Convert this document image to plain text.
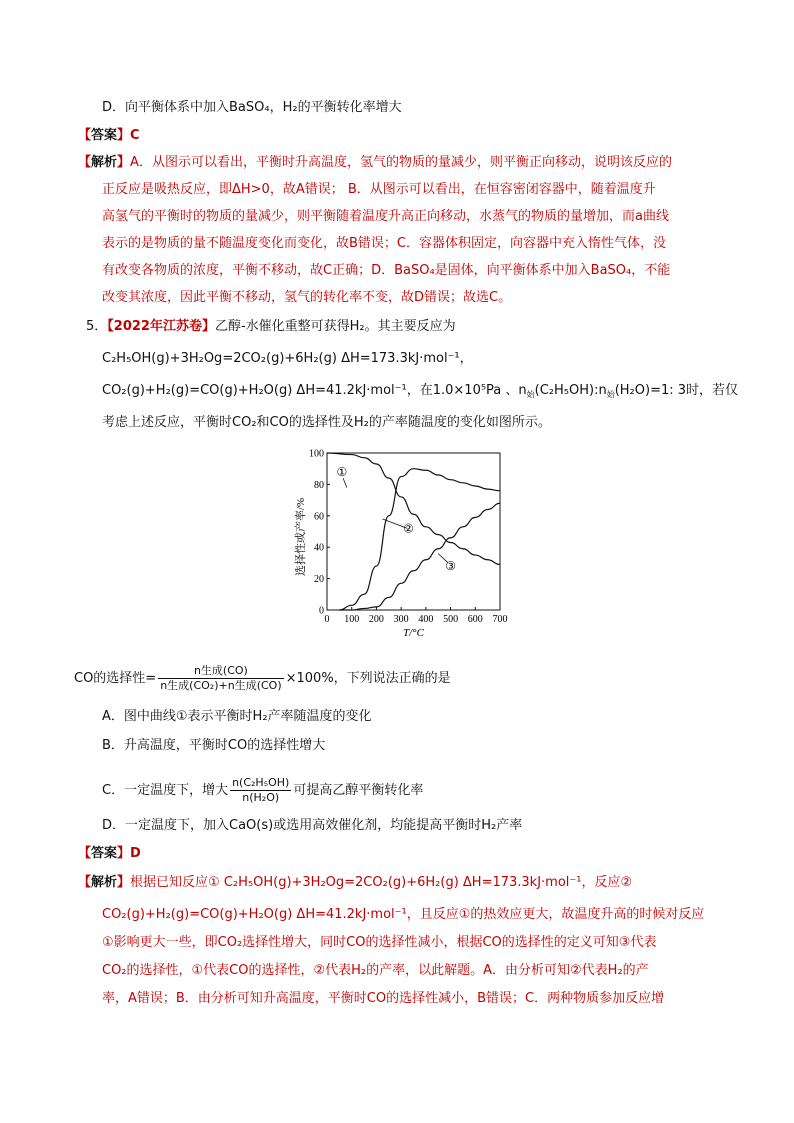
D．向平衡体系中加入BaSO₄，H₂的平衡转化率增大
【答案】C
【解析】A．从图示可以看出，平衡时升高温度，氢气的物质的量减少，则平衡正向移动，说明该反应的
正反应是吸热反应，即ΔH>0，故A错误； B．从图示可以看出，在恒容密闭容器中，随着温度升
高氢气的平衡时的物质的量减少，则平衡随着温度升高正向移动，水蒸气的物质的量增加，而a曲线
表示的是物质的量不随温度变化而变化，故B错误；C．容器体积固定，向容器中充入惰性气体，没
有改变各物质的浓度，平衡不移动，故C正确；D．BaSO₄是固体，向平衡体系中加入BaSO₄，不能
改变其浓度，因此平衡不移动，氢气的转化率不变，故D错误；故选C。
5．【2022年江苏卷】乙醇-水催化重整可获得H₂。其主要反应为
C₂H₅OH(g)+3H₂Og=2CO₂(g)+6H₂(g) ΔH=173.3kJ·mol⁻¹，
CO₂(g)+H₂(g)=CO(g)+H₂O(g) ΔH=41.2kJ·mol⁻¹，在1.0×10⁵Pa 、$n_始(C_2H_5OH):n_始(H_2O)=1$: 3时，若仅
考虑上述反应，平衡时CO₂和CO的选择性及H₂的产率随温度的变化如图所示。
0 100 200 300 400 500 600 700
0
20
40
60
80
100
①
②
③
选择性或产率/%
T/°C
CO的选择性= $\frac{\text{n生成(CO)}}{\text{n生成(CO₂)+n生成(CO)}} \times 100\%$，下列说法正确的是
A．图中曲线①表示平衡时H₂产率随温度的变化
B．升高温度，平衡时CO的选择性增大
C．一定温度下，增大 $\frac{\text{n(C₂H₅OH)}}{\text{n(H₂O)}}$ 可提高乙醇平衡转化率
D．一定温度下，加入CaO(s)或选用高效催化剂，均能提高平衡时H₂产率
【答案】D
【解析】根据已知反应① C₂H₅OH(g)+3H₂Og=2CO₂(g)+6H₂(g) ΔH=173.3kJ·mol⁻¹，反应②
CO₂(g)+H₂(g)=CO(g)+H₂O(g) ΔH=41.2kJ·mol⁻¹，且反应①的热效应更大，故温度升高的时候对反应
①影响更大一些，即CO₂选择性增大，同时CO的选择性减小，根据CO的选择性的定义可知③代表
CO₂的选择性，①代表CO的选择性，②代表H₂的产率，以此解题。A．由分析可知②代表H₂的产
率，A错误；B．由分析可知升高温度，平衡时CO的选择性减小，B错误；C．两种物质参加反应增
